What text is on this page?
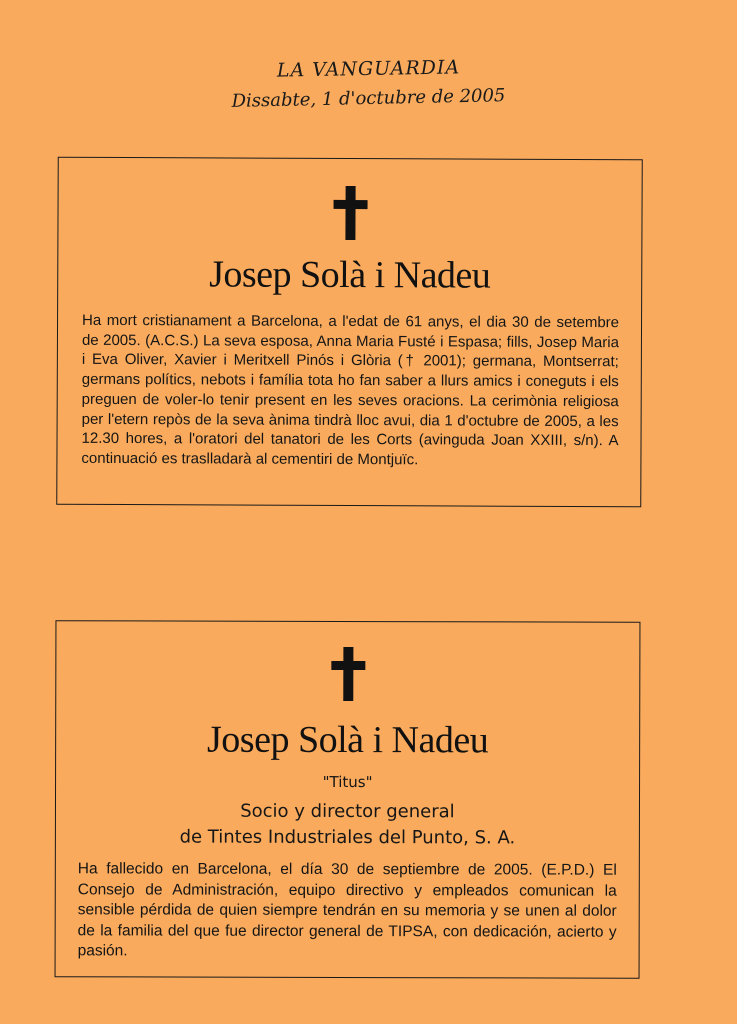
LA VANGUARDIA
Dissabte, 1 d'octubre de 2005
Josep Solà i Nadeu
Ha mort cristianament a Barcelona, a l'edat de 61 anys, el dia 30 de setembre de 2005. (A.C.S.) La seva esposa, Anna Maria Fusté i Espasa; fills, Josep Maria i Eva Oliver, Xavier i Meritxell Pinós i Glòria († 2001); germana, Montserrat; germans polítics, nebots i família tota ho fan saber a llurs amics i coneguts i els preguen de voler-lo tenir present en les seves oracions. La cerimònia religiosa per l'etern repòs de la seva ànima tindrà lloc avui, dia 1 d'octubre de 2005, a les 12.30 hores, a l'oratori del tanatori de les Corts (avinguda Joan XXIII, s/n). A continuació es traslladarà al cementiri de Montjuïc.
Josep Solà i Nadeu
"Titus"
Socio y director general
de Tintes Industriales del Punto, S. A.
Ha fallecido en Barcelona, el día 30 de septiembre de 2005. (E.P.D.) El Consejo de Administración, equipo directivo y empleados comunican la sensible pérdida de quien siempre tendrán en su memoria y se unen al dolor de la familia del que fue director general de TIPSA, con dedicación, acierto y pasión.
